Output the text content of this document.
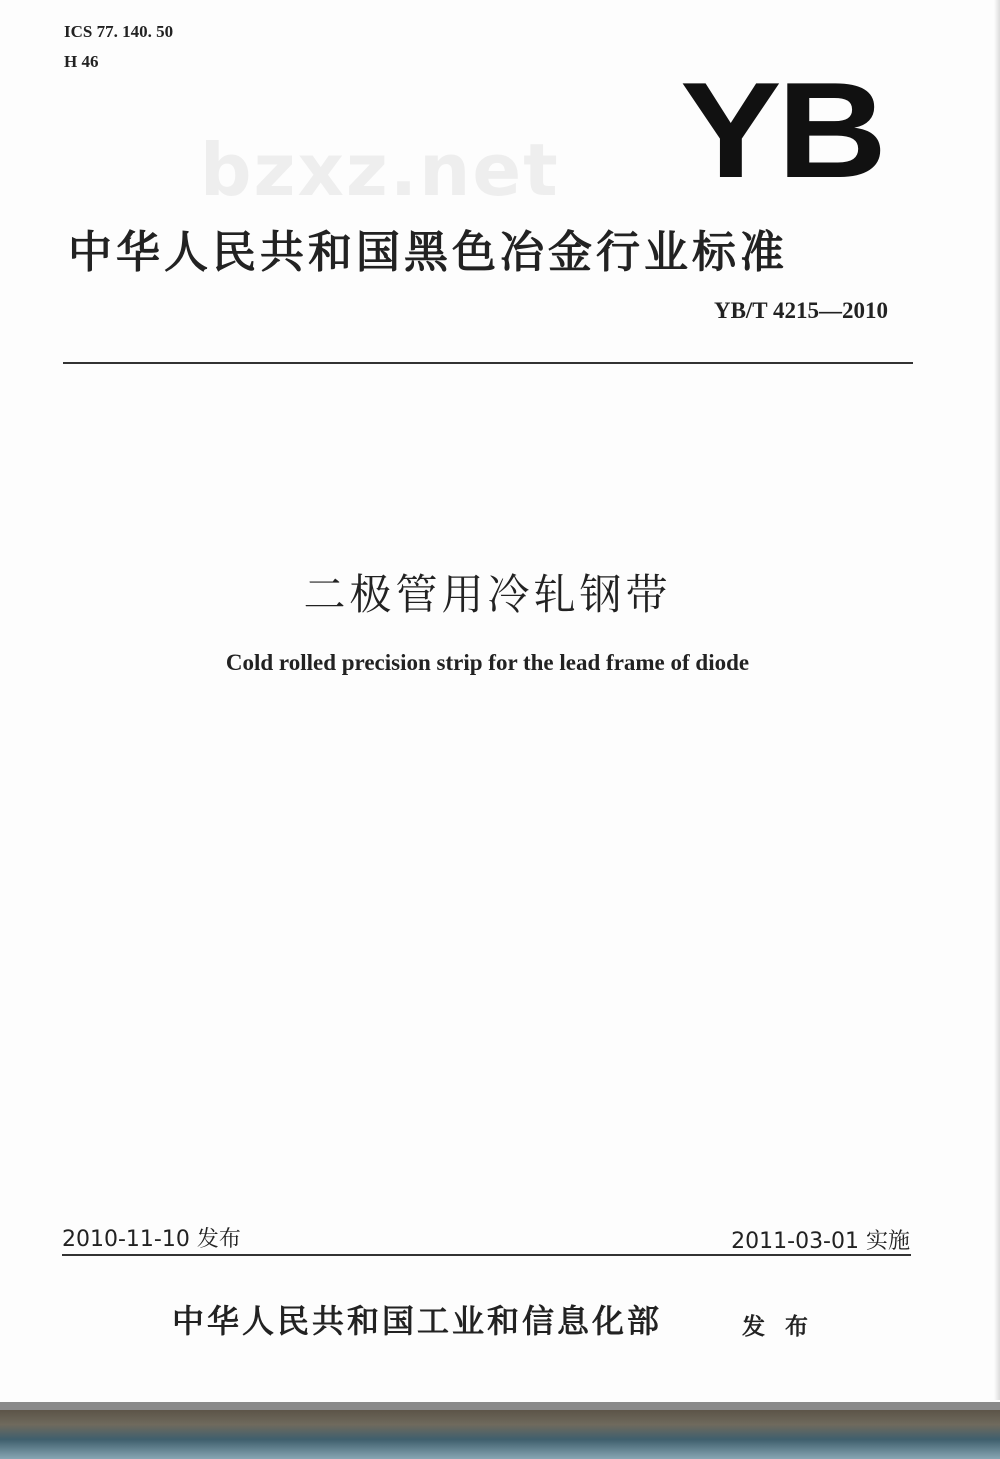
ICS 77. 140. 50
H 46
bzxz.net YB
中华人民共和国黑色冶金行业标准
YB/T 4215—2010
二极管用冷轧钢带
Cold rolled precision strip for the lead frame of diode
2010-11-10 发布	2011-03-01 实施
中华人民共和国工业和信息化部	发 布
